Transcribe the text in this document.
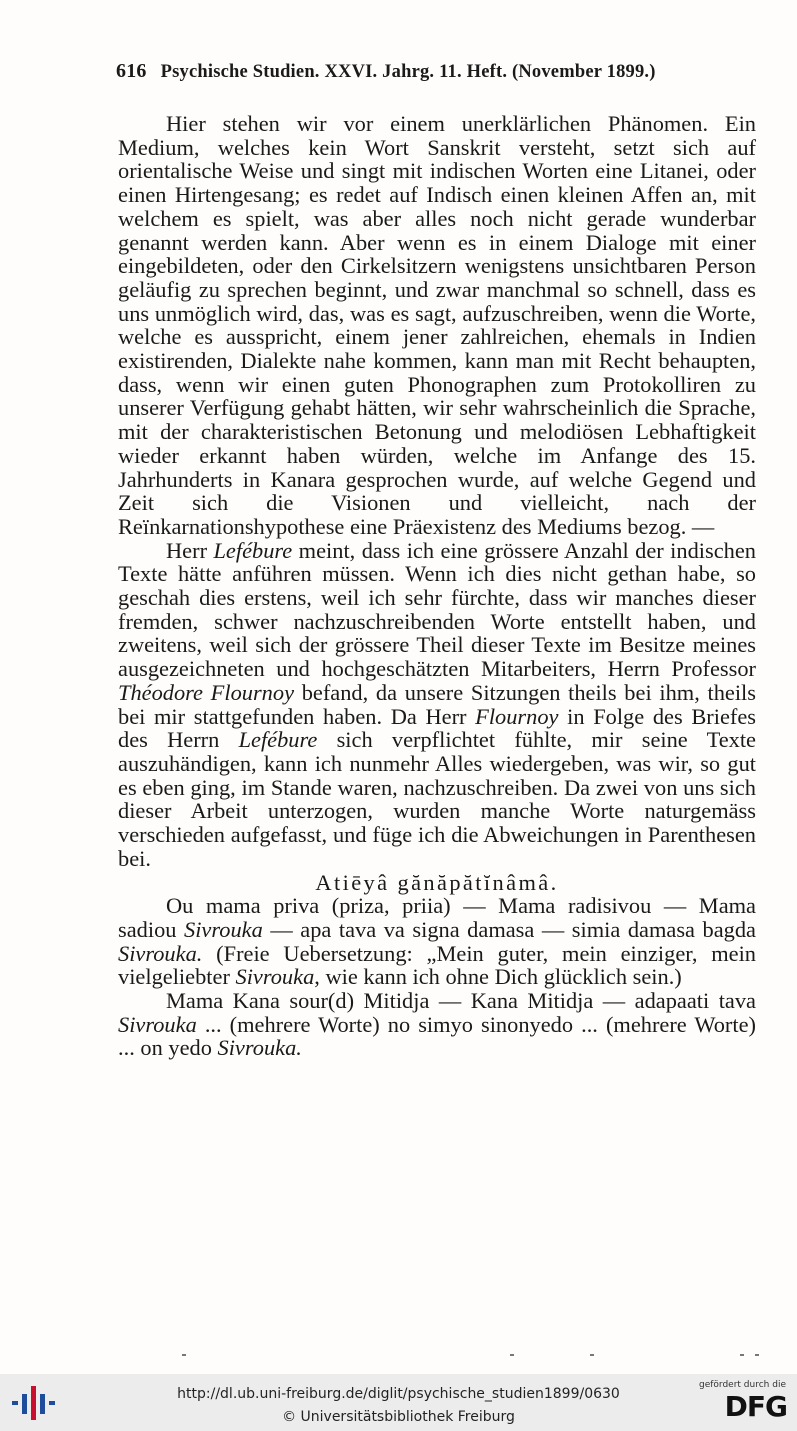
616 Psychische Studien. XXVI. Jahrg. 11. Heft. (November 1899.)

Hier stehen wir vor einem unerklärlichen Phänomen. Ein Medium, welches kein Wort Sanskrit versteht, setzt sich auf orientalische Weise und singt mit indischen Worten eine Litanei, oder einen Hirtengesang; es redet auf Indisch einen kleinen Affen an, mit welchem es spielt, was aber alles noch nicht gerade wunderbar genannt werden kann. Aber wenn es in einem Dialoge mit einer eingebildeten, oder den Cirkelsitzern wenigstens unsichtbaren Person geläufig zu sprechen beginnt, und zwar manchmal so schnell, dass es uns unmöglich wird, das, was es sagt, aufzuschreiben, wenn die Worte, welche es ausspricht, einem jener zahlreichen, ehemals in Indien existirenden, Dialekte nahe kommen, kann man mit Recht behaupten, dass, wenn wir einen guten Phonographen zum Protokolliren zu unserer Verfügung gehabt hätten, wir sehr wahrscheinlich die Sprache, mit der charakteristischen Betonung und melodiösen Lebhaftigkeit wieder erkannt haben würden, welche im Anfange des 15. Jahrhunderts in Kanara gesprochen wurde, auf welche Gegend und Zeit sich die Visionen und vielleicht, nach der Reïnkarnationshypothese eine Präexistenz des Mediums bezog. —

Herr Lefébure meint, dass ich eine grössere Anzahl der indischen Texte hätte anführen müssen. Wenn ich dies nicht gethan habe, so geschah dies erstens, weil ich sehr fürchte, dass wir manches dieser fremden, schwer nachzuschreibenden Worte entstellt haben, und zweitens, weil sich der grössere Theil dieser Texte im Besitze meines ausgezeichneten und hochgeschätzten Mitarbeiters, Herrn Professor Théodore Flournoy befand, da unsere Sitzungen theils bei ihm, theils bei mir stattgefunden haben. Da Herr Flournoy in Folge des Briefes des Herrn Lefébure sich verpflichtet fühlte, mir seine Texte auszuhändigen, kann ich nunmehr Alles wiedergeben, was wir, so gut es eben ging, im Stande waren, nachzuschreiben. Da zwei von uns sich dieser Arbeit unterzogen, wurden manche Worte naturgemäss verschieden aufgefasst, und füge ich die Abweichungen in Parenthesen bei.

Atiēyâ gănăpătĭnâmâ.

Ou mama priva (priza, priia) — Mama radisivou — Mama sadiou Sivrouka — apa tava va signa damasa — simia damasa bagda Sivrouka. (Freie Uebersetzung: „Mein guter, mein einziger, mein vielgeliebter Sivrouka, wie kann ich ohne Dich glücklich sein.)

Mama Kana sour(d) Mitidja — Kana Mitidja — adapaati tava Sivrouka ... (mehrere Worte) no simyo sinonyedo ... (mehrere Worte) ... on yedo Sivrouka.

http://dl.ub.uni-freiburg.de/diglit/psychische_studien1899/0630
© Universitätsbibliothek Freiburg
gefördert durch die
DFG
